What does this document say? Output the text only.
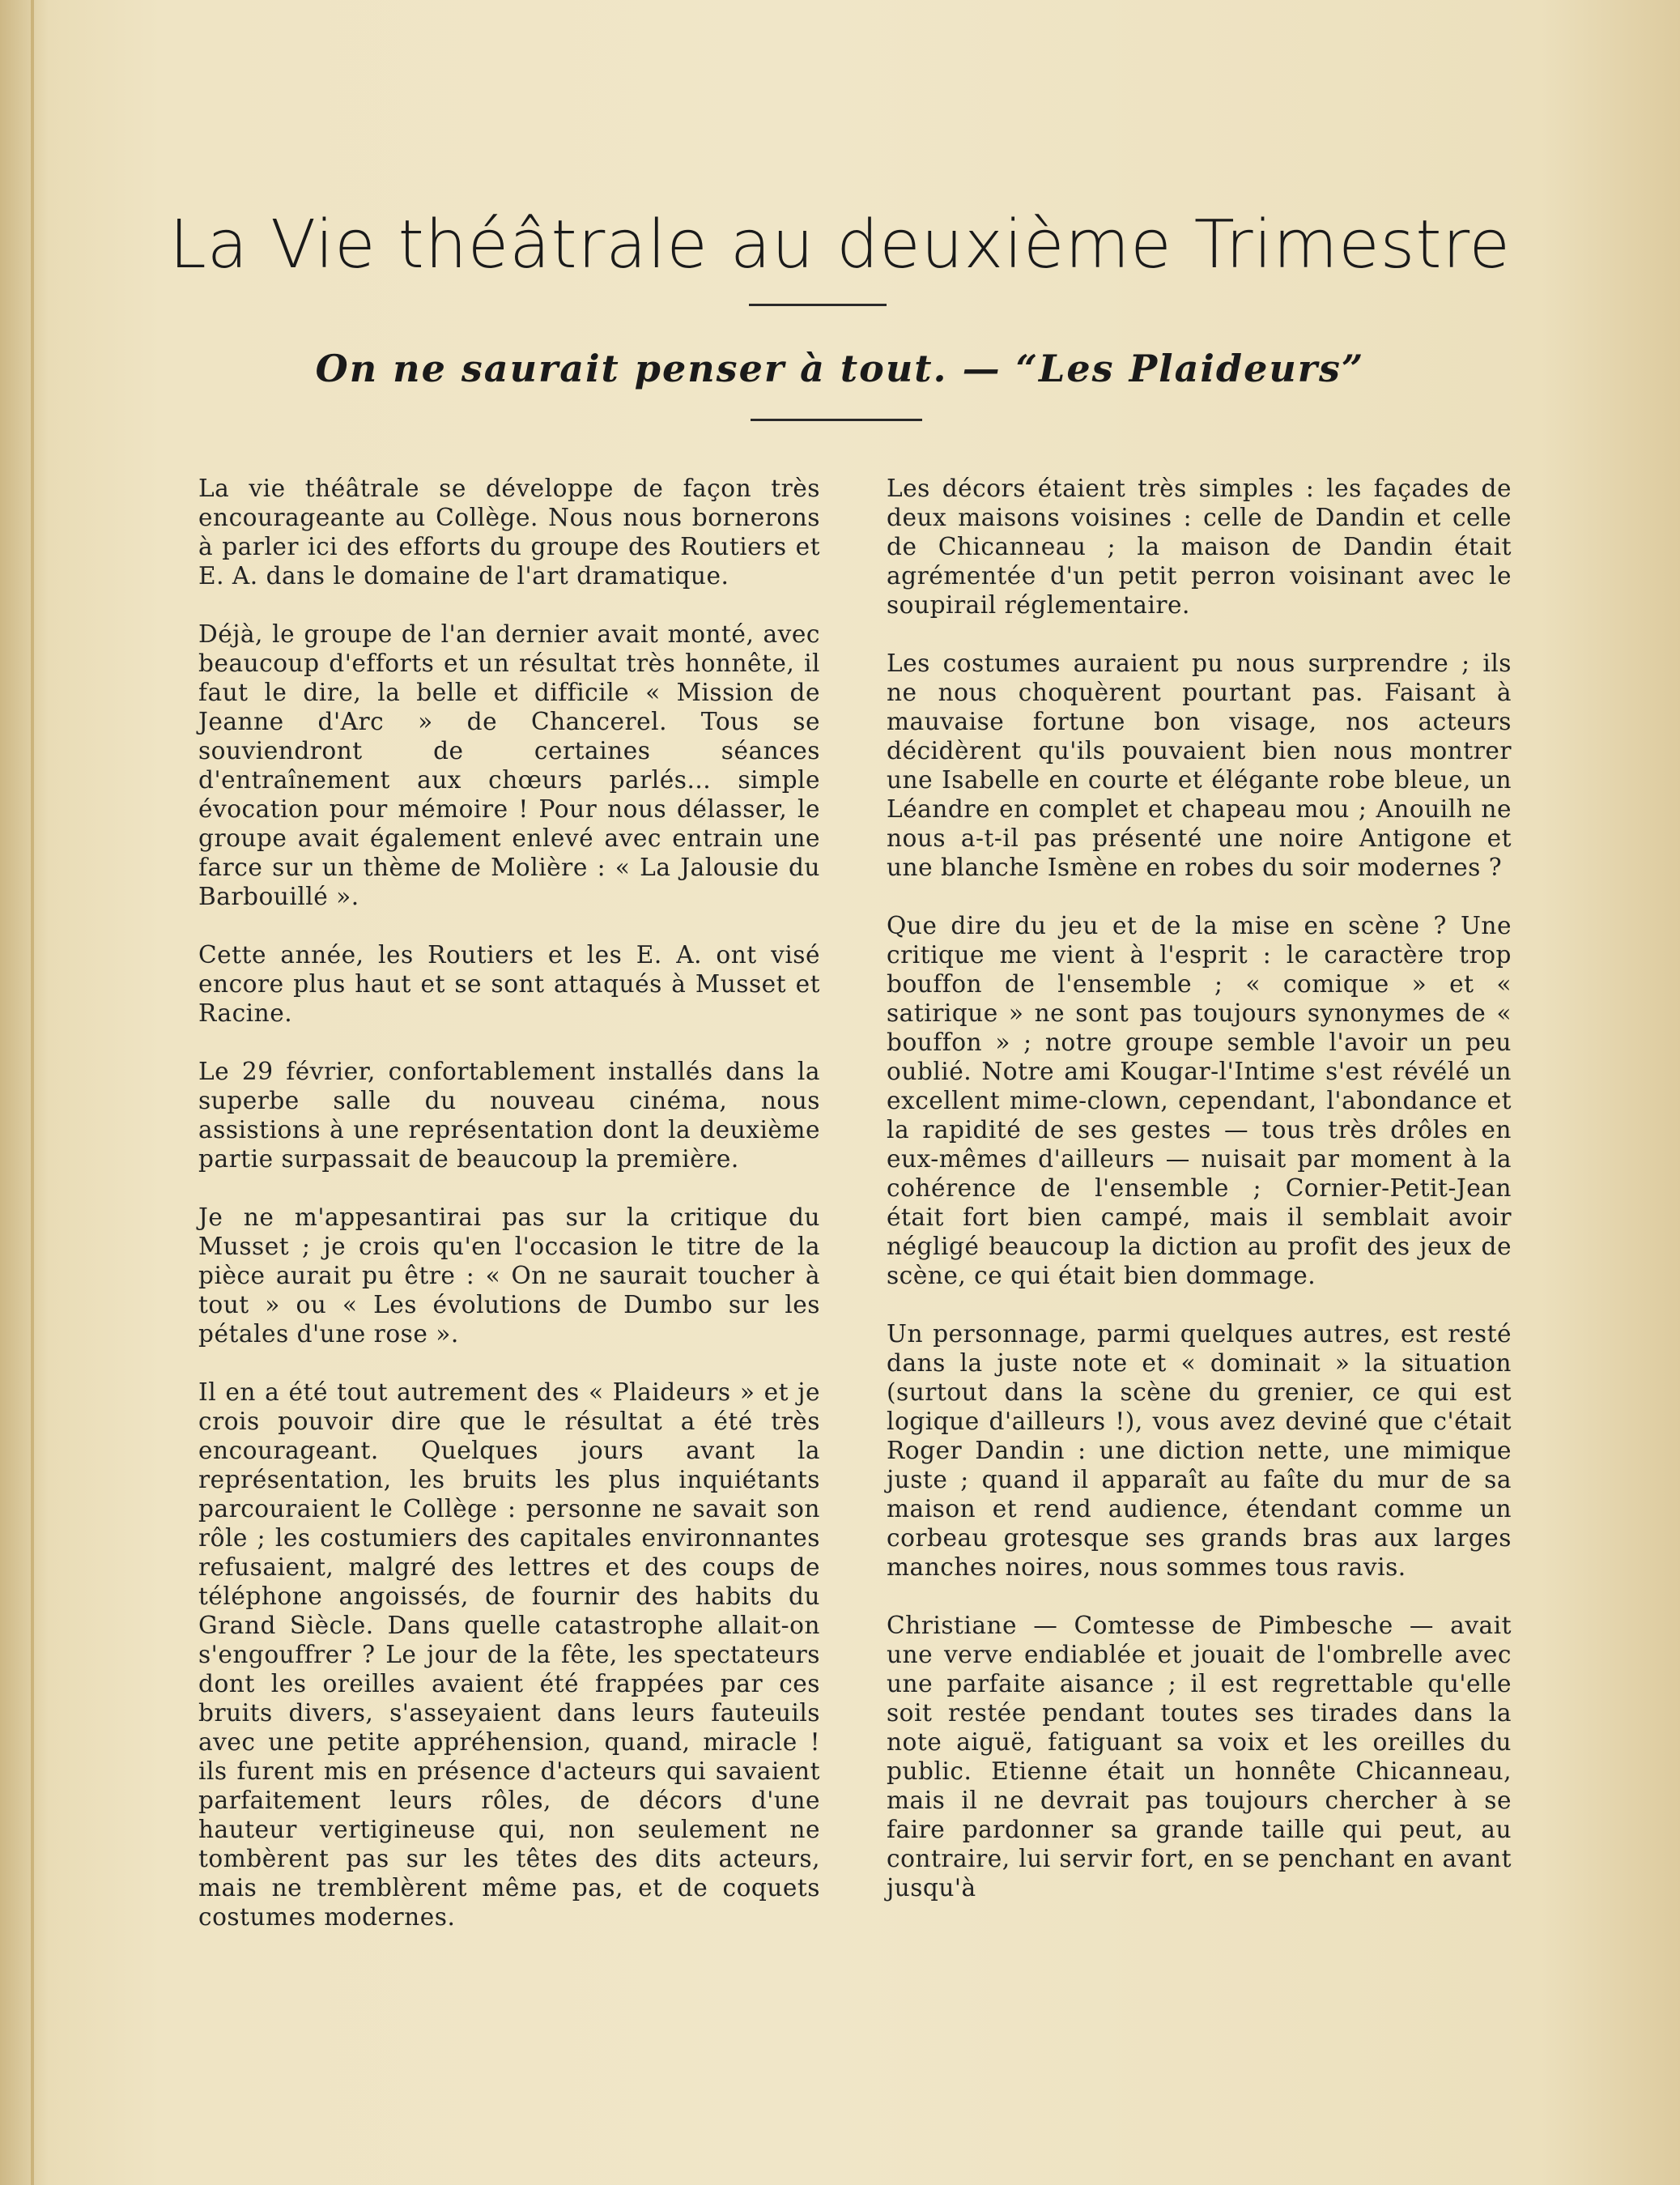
La Vie théâtrale au deuxième Trimestre
On ne saurait penser à tout. — “Les Plaideurs”

La vie théâtrale se développe de façon très encourageante au Collège. Nous nous bornerons à parler ici des efforts du groupe des Routiers et E. A. dans le domaine de l'art dramatique.

Déjà, le groupe de l'an dernier avait monté, avec beaucoup d'efforts et un résultat très honnête, il faut le dire, la belle et difficile « Mission de Jeanne d'Arc » de Chancerel. Tous se souviendront de certaines séances d'entraînement aux chœurs parlés... simple évocation pour mémoire ! Pour nous délasser, le groupe avait également enlevé avec entrain une farce sur un thème de Molière : « La Jalousie du Barbouillé ».

Cette année, les Routiers et les E. A. ont visé encore plus haut et se sont attaqués à Musset et Racine.

Le 29 février, confortablement installés dans la superbe salle du nouveau cinéma, nous assistions à une représentation dont la deuxième partie surpassait de beaucoup la première.

Je ne m'appesantirai pas sur la critique du Musset ; je crois qu'en l'occasion le titre de la pièce aurait pu être : « On ne saurait toucher à tout » ou « Les évolutions de Dumbo sur les pétales d'une rose ».

Il en a été tout autrement des « Plaideurs » et je crois pouvoir dire que le résultat a été très encourageant. Quelques jours avant la représentation, les bruits les plus inquiétants parcouraient le Collège : personne ne savait son rôle ; les costumiers des capitales environnantes refusaient, malgré des lettres et des coups de téléphone angoissés, de fournir des habits du Grand Siècle. Dans quelle catastrophe allait-on s'engouffrer ? Le jour de la fête, les spectateurs dont les oreilles avaient été frappées par ces bruits divers, s'asseyaient dans leurs fauteuils avec une petite appréhension, quand, miracle ! ils furent mis en présence d'acteurs qui savaient parfaitement leurs rôles, de décors d'une hauteur vertigineuse qui, non seulement ne tombèrent pas sur les têtes des dits acteurs, mais ne tremblèrent même pas, et de coquets costumes modernes.

Les décors étaient très simples : les façades de deux maisons voisines : celle de Dandin et celle de Chicanneau ; la maison de Dandin était agrémentée d'un petit perron voisinant avec le soupirail réglementaire.

Les costumes auraient pu nous surprendre ; ils ne nous choquèrent pourtant pas. Faisant à mauvaise fortune bon visage, nos acteurs décidèrent qu'ils pouvaient bien nous montrer une Isabelle en courte et élégante robe bleue, un Léandre en complet et chapeau mou ; Anouilh ne nous a-t-il pas présenté une noire Antigone et une blanche Ismène en robes du soir modernes ?

Que dire du jeu et de la mise en scène ? Une critique me vient à l'esprit : le caractère trop bouffon de l'ensemble ; « comique » et « satirique » ne sont pas toujours synonymes de « bouffon » ; notre groupe semble l'avoir un peu oublié. Notre ami Kougar-l'Intime s'est révélé un excellent mime-clown, cependant, l'abondance et la rapidité de ses gestes — tous très drôles en eux-mêmes d'ailleurs — nuisait par moment à la cohérence de l'ensemble ; Cornier-Petit-Jean était fort bien campé, mais il semblait avoir négligé beaucoup la diction au profit des jeux de scène, ce qui était bien dommage.

Un personnage, parmi quelques autres, est resté dans la juste note et « dominait » la situation (surtout dans la scène du grenier, ce qui est logique d'ailleurs !), vous avez deviné que c'était Roger Dandin : une diction nette, une mimique juste ; quand il apparaît au faîte du mur de sa maison et rend audience, étendant comme un corbeau grotesque ses grands bras aux larges manches noires, nous sommes tous ravis.

Christiane — Comtesse de Pimbesche — avait une verve endiablée et jouait de l'ombrelle avec une parfaite aisance ; il est regrettable qu'elle soit restée pendant toutes ses tirades dans la note aiguë, fatiguant sa voix et les oreilles du public. Etienne était un honnête Chicanneau, mais il ne devrait pas toujours chercher à se faire pardonner sa grande taille qui peut, au contraire, lui servir fort, en se penchant en avant jusqu'à
